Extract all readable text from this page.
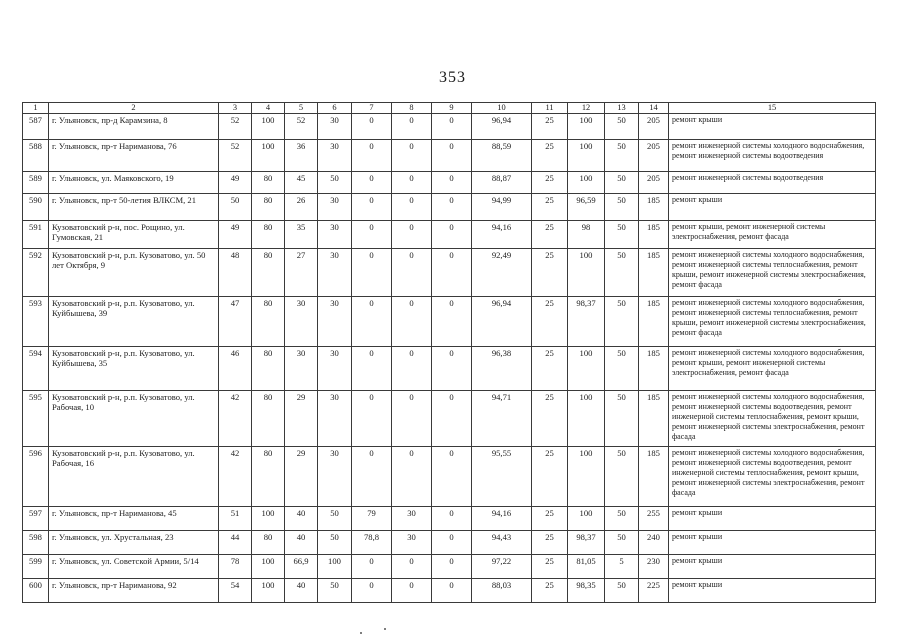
353
1	2	3	4	5	6	7	8	9	10	11	12	13	14	15
587	г. Ульяновск, пр-д Карамзина, 8	52	100	52	30	0	0	0	96,94	25	100	50	205	ремонт крыши
588	г. Ульяновск, пр-т Нариманова, 76	52	100	36	30	0	0	0	88,59	25	100	50	205	ремонт инженерной системы холодного водоснабжения, ремонт инженерной системы водоотведения
589	г. Ульяновск, ул. Маяковского, 19	49	80	45	50	0	0	0	88,87	25	100	50	205	ремонт инженерной системы водоотведения
590	г. Ульяновск, пр-т 50-летия ВЛКСМ, 21	50	80	26	30	0	0	0	94,99	25	96,59	50	185	ремонт крыши
591	Кузоватовский р-н, пос. Рощино, ул. Гумовская, 21	49	80	35	30	0	0	0	94,16	25	98	50	185	ремонт крыши, ремонт инженерной системы электроснабжения, ремонт фасада
592	Кузоватовский р-н, р.п. Кузоватово, ул. 50 лет Октября, 9	48	80	27	30	0	0	0	92,49	25	100	50	185	ремонт инженерной системы холодного водоснабжения, ремонт инженерной системы теплоснабжения, ремонт крыши, ремонт инженерной системы электроснабжения, ремонт фасада
593	Кузоватовский р-н, р.п. Кузоватово, ул. Куйбышева, 39	47	80	30	30	0	0	0	96,94	25	98,37	50	185	ремонт инженерной системы холодного водоснабжения, ремонт инженерной системы теплоснабжения, ремонт крыши, ремонт инженерной системы электроснабжения, ремонт фасада
594	Кузоватовский р-н, р.п. Кузоватово, ул. Куйбышева, 35	46	80	30	30	0	0	0	96,38	25	100	50	185	ремонт инженерной системы холодного водоснабжения, ремонт крыши, ремонт инженерной системы электроснабжения, ремонт фасада
595	Кузоватовский р-н, р.п. Кузоватово, ул. Рабочая, 10	42	80	29	30	0	0	0	94,71	25	100	50	185	ремонт инженерной системы холодного водоснабжения, ремонт инженерной системы водоотведения, ремонт инженерной системы теплоснабжения, ремонт крыши, ремонт инженерной системы электроснабжения, ремонт фасада
596	Кузоватовский р-н, р.п. Кузоватово, ул. Рабочая, 16	42	80	29	30	0	0	0	95,55	25	100	50	185	ремонт инженерной системы холодного водоснабжения, ремонт инженерной системы водоотведения, ремонт инженерной системы теплоснабжения, ремонт крыши, ремонт инженерной системы электроснабжения, ремонт фасада
597	г. Ульяновск, пр-т Нариманова, 45	51	100	40	50	79	30	0	94,16	25	100	50	255	ремонт крыши
598	г. Ульяновск, ул. Хрустальная, 23	44	80	40	50	78,8	30	0	94,43	25	98,37	50	240	ремонт крыши
599	г. Ульяновск, ул. Советской Армии, 5/14	78	100	66,9	100	0	0	0	97,22	25	81,05	5	230	ремонт крыши
600	г. Ульяновск, пр-т Нариманова, 92	54	100	40	50	0	0	0	88,03	25	98,35	50	225	ремонт крыши
